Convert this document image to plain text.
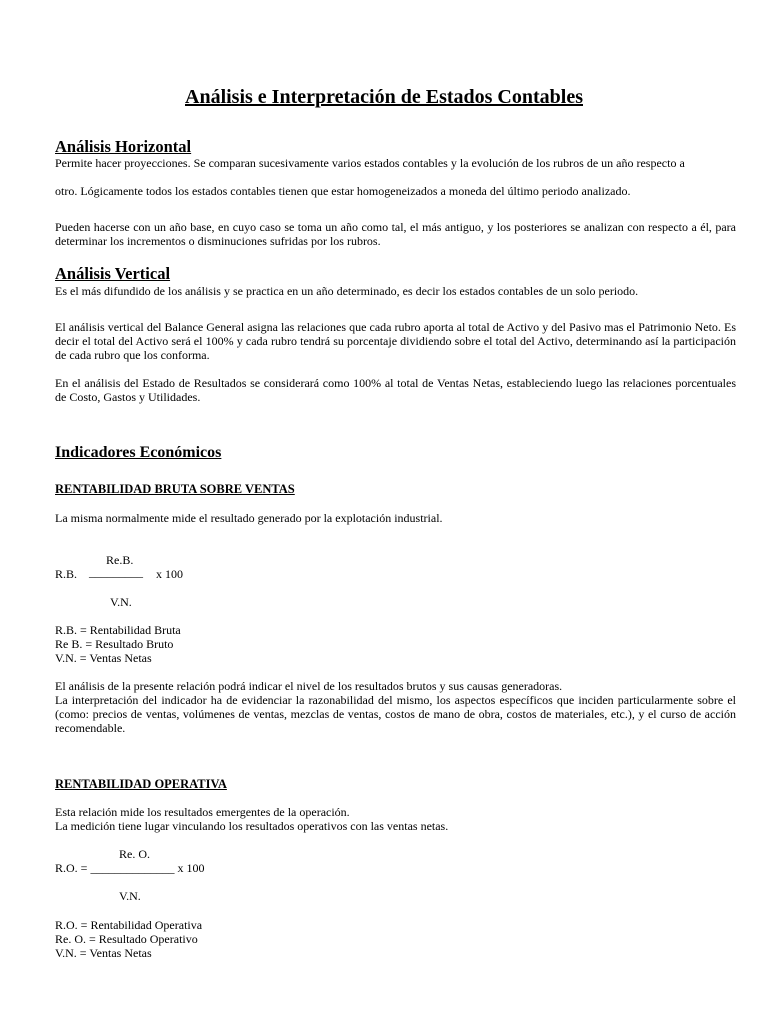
Análisis e Interpretación de Estados Contables
Análisis Horizontal

Permite hacer proyecciones. Se comparan sucesivamente varios estados contables y la evolución de los rubros de un año respecto a

otro. Lógicamente todos los estados contables tienen que estar homogeneizados a moneda del último periodo analizado.

Pueden hacerse con un año base, en cuyo caso se toma un año como tal, el más antiguo, y los posteriores se analizan con respecto a él, para determinar los incrementos o disminuciones sufridas por los rubros.

Análisis Vertical

Es el más difundido de los análisis y se practica en un año determinado, es decir los estados contables de un solo periodo.

El análisis vertical del Balance General asigna las relaciones que cada rubro aporta al total de Activo y del Pasivo mas el Patrimonio Neto. Es decir el total del Activo será el 100% y cada rubro tendrá su porcentaje dividiendo sobre el total del Activo, determinando así la participación de cada rubro que los conforma.

En el análisis del Estado de Resultados se considerará como 100% al total de Ventas Netas, estableciendo luego las relaciones porcentuales de Costo, Gastos y Utilidades.

Indicadores Económicos
RENTABILIDAD BRUTA SOBRE VENTAS

La misma normalmente mide el resultado generado por la explotación industrial.

Re.B.
R.B. _________ x 100
V.N.

R.B. = Rentabilidad Bruta

Re B. = Resultado Bruto

V.N. = Ventas Netas

El análisis de la presente relación podrá indicar el nivel de los resultados brutos y sus causas generadoras.

La interpretación del indicador ha de evidenciar la razonabilidad del mismo, los aspectos específicos que inciden particularmente sobre el (como: precios de ventas, volúmenes de ventas, mezclas de ventas, costos de mano de obra, costos de materiales, etc.), y el curso de acción recomendable.

RENTABILIDAD OPERATIVA

Esta relación mide los resultados emergentes de la operación.

La medición tiene lugar vinculando los resultados operativos con las ventas netas.

Re. O.
R.O. = ______________ x 100
V.N.

R.O. = Rentabilidad Operativa

Re. O. = Resultado Operativo

V.N. = Ventas Netas
